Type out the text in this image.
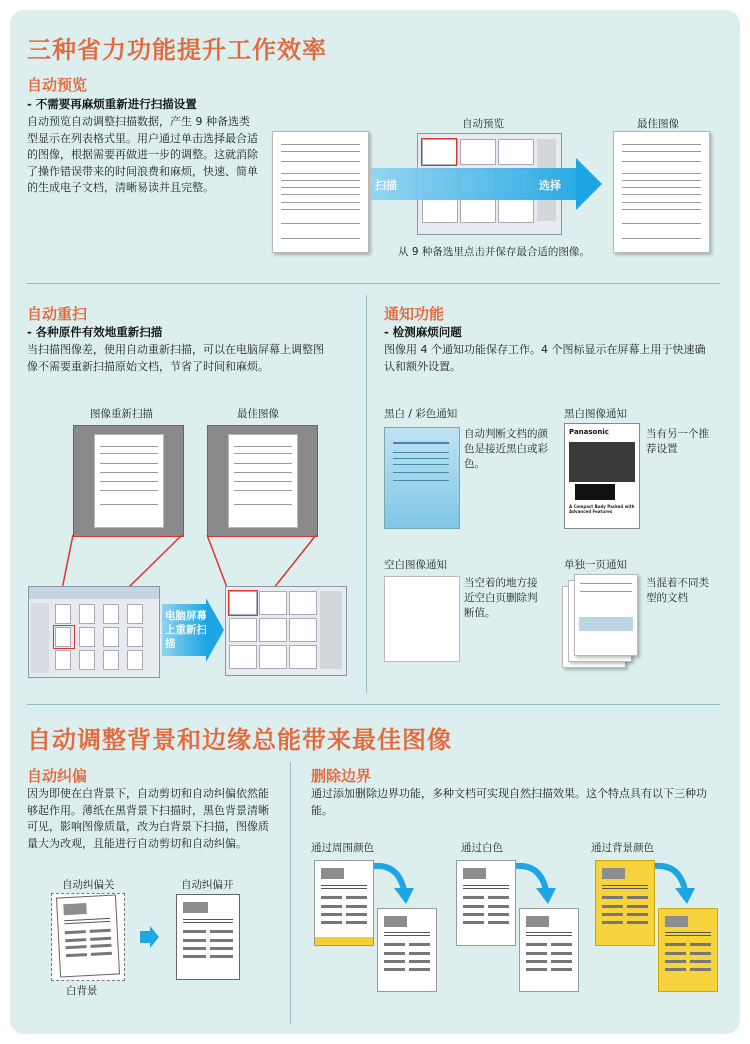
三种省力功能提升工作效率
自动预览
- 不需要再麻烦重新进行扫描设置
自动预览自动调整扫描数据，产生 9 种备选类型显示在列表格式里。用户通过单击选择最合适的图像，根据需要再做进一步的调整。这就消除了操作错误带来的时间浪费和麻烦，快速、简单的生成电子文档，清晰易读并且完整。
自动预览	最佳图像
扫描	选择
从 9 种备选里点击并保存最合适的图像。
自动重扫
- 各种原件有效地重新扫描
当扫描图像差，使用自动重新扫描，可以在电脑屏幕上调整图像不需要重新扫描原始文档，节省了时间和麻烦。
图像重新扫描	最佳图像
电脑屏幕上重新扫描
通知功能
- 检测麻烦问题
图像用 4 个通知功能保存工作。4 个图标显示在屏幕上用于快速确认和额外设置。
黑白 / 彩色通知
自动判断文档的颜色是接近黑白或彩色。
黑白图像通知
Panasonic
A Compact Body Packed with Advanced Features
当有另一个推荐设置
空白图像通知
当空着的地方接近空白页删除判断值。
单独一页通知
当混着不同类型的文档
自动调整背景和边缘总能带来最佳图像
自动纠偏
因为即使在白背景下，自动剪切和自动纠偏依然能够起作用。薄纸在黑背景下扫描时，黑色背景清晰可见，影响图像质量，改为白背景下扫描，图像质量大为改观，且能进行自动剪切和自动纠偏。
自动纠偏关	自动纠偏开
白背景
删除边界
通过添加删除边界功能，多种文档可实现自然扫描效果。这个特点具有以下三种功能。
通过周围颜色	通过白色	通过背景颜色
